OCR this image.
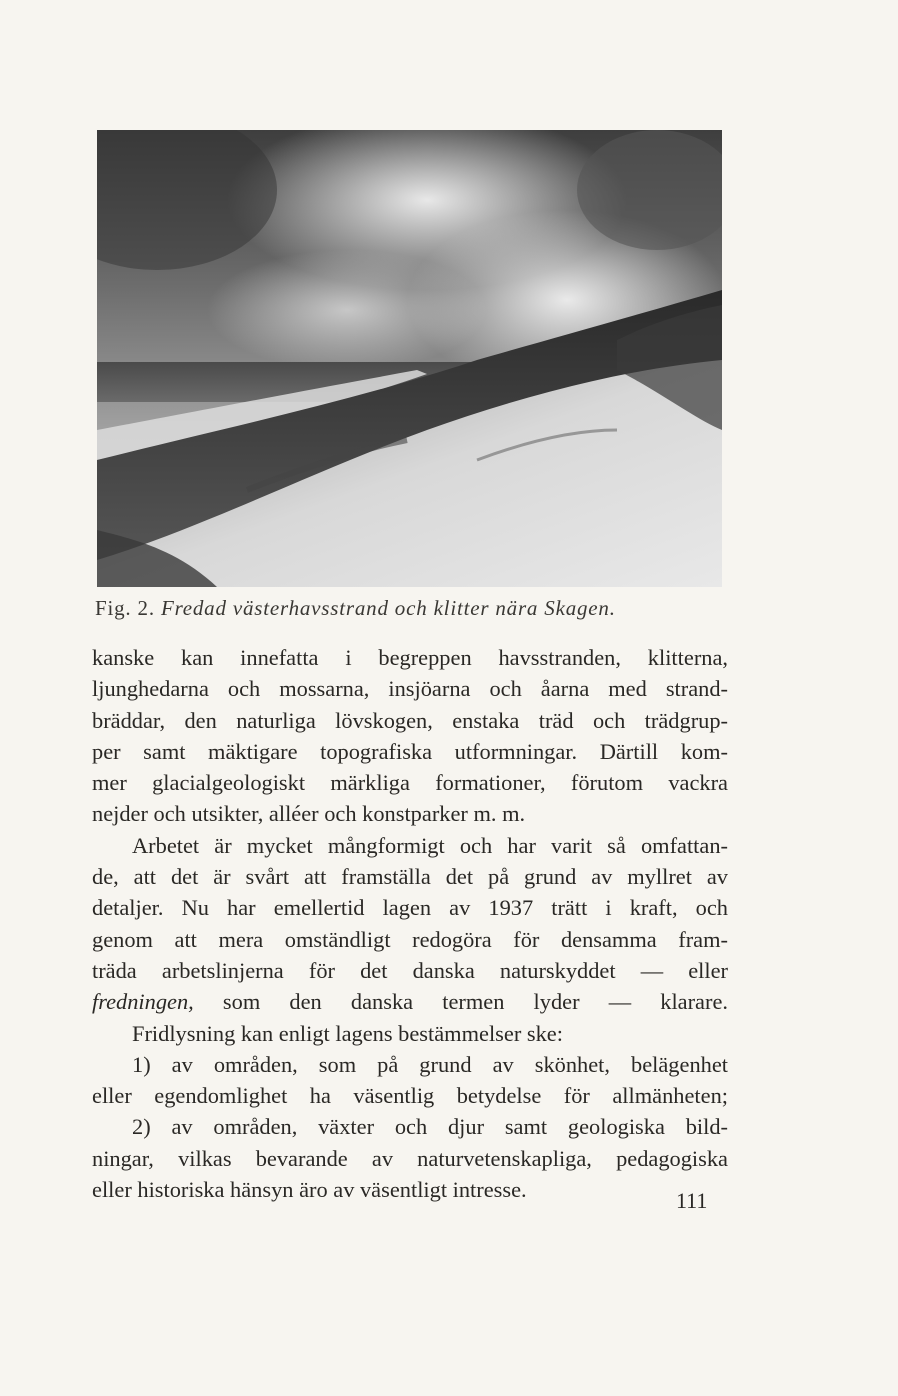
Fig. 2. Fredad västerhavsstrand och klitter nära Skagen.
kanske kan innefatta i begreppen havsstranden, klitterna,
ljunghedarna och mossarna, insjöarna och åarna med strand-
bräddar, den naturliga lövskogen, enstaka träd och trädgrup-
per samt mäktigare topografiska utformningar. Därtill kom-
mer glacialgeologiskt märkliga formationer, förutom vackra
nejder och utsikter, alléer och konstparker m. m.
Arbetet är mycket mångformigt och har varit så omfattan-
de, att det är svårt att framställa det på grund av myllret av
detaljer. Nu har emellertid lagen av 1937 trätt i kraft, och
genom att mera omständligt redogöra för densamma fram-
träda arbetslinjerna för det danska naturskyddet — eller
fredningen, som den danska termen lyder — klarare.
Fridlysning kan enligt lagens bestämmelser ske:
1) av områden, som på grund av skönhet, belägenhet
eller egendomlighet ha väsentlig betydelse för allmänheten;
2) av områden, växter och djur samt geologiska bild-
ningar, vilkas bevarande av naturvetenskapliga, pedagogiska
eller historiska hänsyn äro av väsentligt intresse.	111
